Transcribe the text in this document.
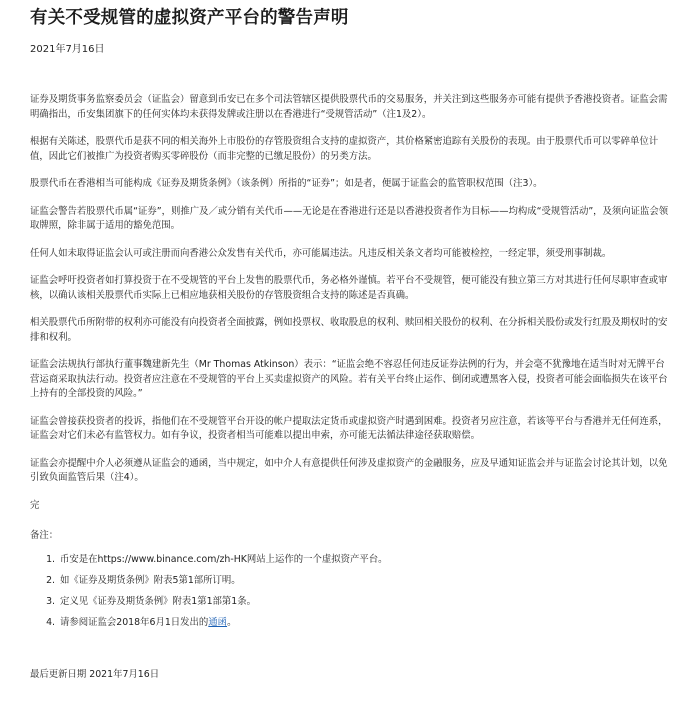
有关不受规管的虚拟资产平台的警告声明
2021年7月16日

证券及期货事务监察委员会（证监会）留意到币安已在多个司法管辖区提供股票代币的交易服务，并关注到这些服务亦可能有提供予香港投资者。证监会需明确指出，币安集团旗下的任何实体均未获得发牌或注册以在香港进行“受规管活动”（注1及2）。

根据有关陈述，股票代币是获不同的相关海外上市股份的存管股资组合支持的虚拟资产，其价格紧密追踪有关股份的表现。由于股票代币可以零碎单位计值，因此它们被推广为投资者购买零碎股份（而非完整的已缴足股份）的另类方法。

股票代币在香港相当可能构成《证券及期货条例》（该条例）所指的“证券”；如是者，便属于证监会的监管职权范围（注3）。

证监会警告若股票代币属“证券”，则推广及／或分销有关代币——无论是在香港进行还是以香港投资者作为目标——均构成“受规管活动”，及须向证监会领取牌照，除非属于适用的豁免范围。

任何人如未取得证监会认可或注册而向香港公众发售有关代币，亦可能属违法。凡违反相关条文者均可能被检控，一经定罪，须受刑事制裁。

证监会呼吁投资者如打算投资于在不受规管的平台上发售的股票代币，务必格外谨慎。若平台不受规管，便可能没有独立第三方对其进行任何尽职审查或审核，以确认该相关股票代币实际上已相应地获相关股份的存管股资组合支持的陈述是否真确。

相关股票代币所附带的权利亦可能没有向投资者全面披露，例如投票权、收取股息的权利、赎回相关股份的权利、在分拆相关股份或发行红股及期权时的安排和权利。

证监会法规执行部执行董事魏建新先生（Mr Thomas Atkinson）表示：“证监会绝不容忍任何违反证券法例的行为，并会毫不犹豫地在适当时对无牌平台营运商采取执法行动。投资者应注意在不受规管的平台上买卖虚拟资产的风险。若有关平台终止运作、倒闭或遭黑客入侵，投资者可能会面临损失在该平台上持有的全部投资的风险。”

证监会曾接获投资者的投诉，指他们在不受规管平台开设的帐户提取法定货币或虚拟资产时遇到困难。投资者另应注意，若该等平台与香港并无任何连系，证监会对它们未必有监管权力。如有争议，投资者相当可能难以提出申索，亦可能无法循法律途径获取赔偿。

证监会亦提醒中介人必须遵从证监会的通函，当中规定，如中介人有意提供任何涉及虚拟资产的金融服务，应及早通知证监会并与证监会讨论其计划，以免引致负面监管后果（注4）。

完

备注：

1. 币安是在https://www.binance.com/zh-HK网站上运作的一个虚拟资产平台。
2. 如《证券及期货条例》附表5第1部所订明。
3. 定义见《证券及期货条例》附表1第1部第1条。
4. 请参阅证监会2018年6月1日发出的通函。

最后更新日期 2021年7月16日
